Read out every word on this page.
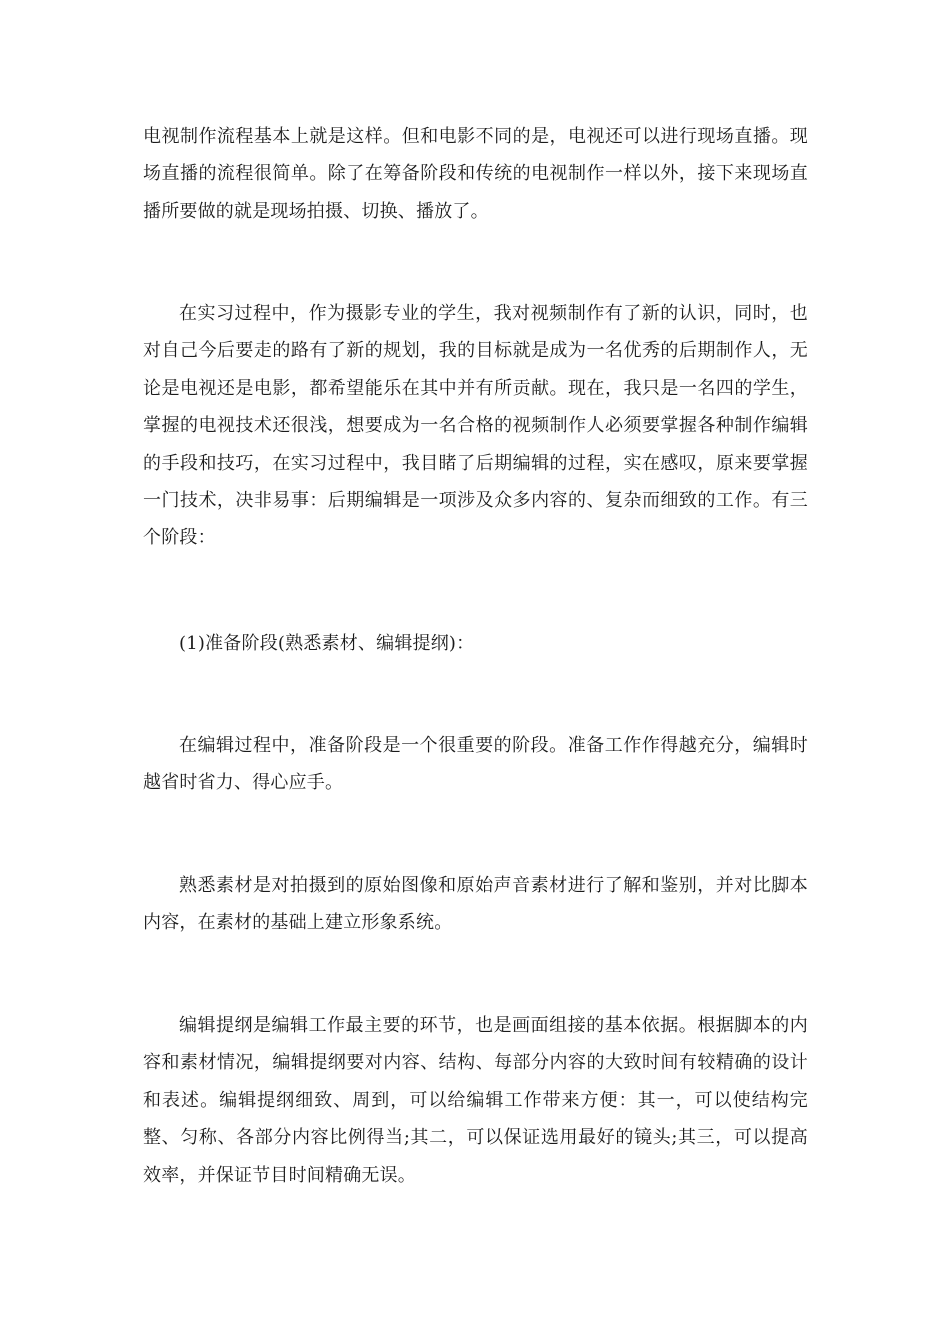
电视制作流程基本上就是这样。但和电影不同的是，电视还可以进行现场直播。现场直播的流程很简单。除了在筹备阶段和传统的电视制作一样以外，接下来现场直播所要做的就是现场拍摄、切换、播放了。

在实习过程中，作为摄影专业的学生，我对视频制作有了新的认识，同时，也对自己今后要走的路有了新的规划，我的目标就是成为一名优秀的后期制作人，无论是电视还是电影，都希望能乐在其中并有所贡献。现在，我只是一名四的学生，掌握的电视技术还很浅，想要成为一名合格的视频制作人必须要掌握各种制作编辑的手段和技巧，在实习过程中，我目睹了后期编辑的过程，实在感叹，原来要掌握一门技术，决非易事：后期编辑是一项涉及众多内容的、复杂而细致的工作。有三个阶段：

(1)准备阶段(熟悉素材、编辑提纲)：

在编辑过程中，准备阶段是一个很重要的阶段。准备工作作得越充分，编辑时越省时省力、得心应手。

熟悉素材是对拍摄到的原始图像和原始声音素材进行了解和鉴别，并对比脚本内容，在素材的基础上建立形象系统。

编辑提纲是编辑工作最主要的环节，也是画面组接的基本依据。根据脚本的内容和素材情况，编辑提纲要对内容、结构、每部分内容的大致时间有较精确的设计和表述。编辑提纲细致、周到，可以给编辑工作带来方便：其一，可以使结构完整、匀称、各部分内容比例得当;其二，可以保证选用最好的镜头;其三，可以提高效率，并保证节目时间精确无误。
